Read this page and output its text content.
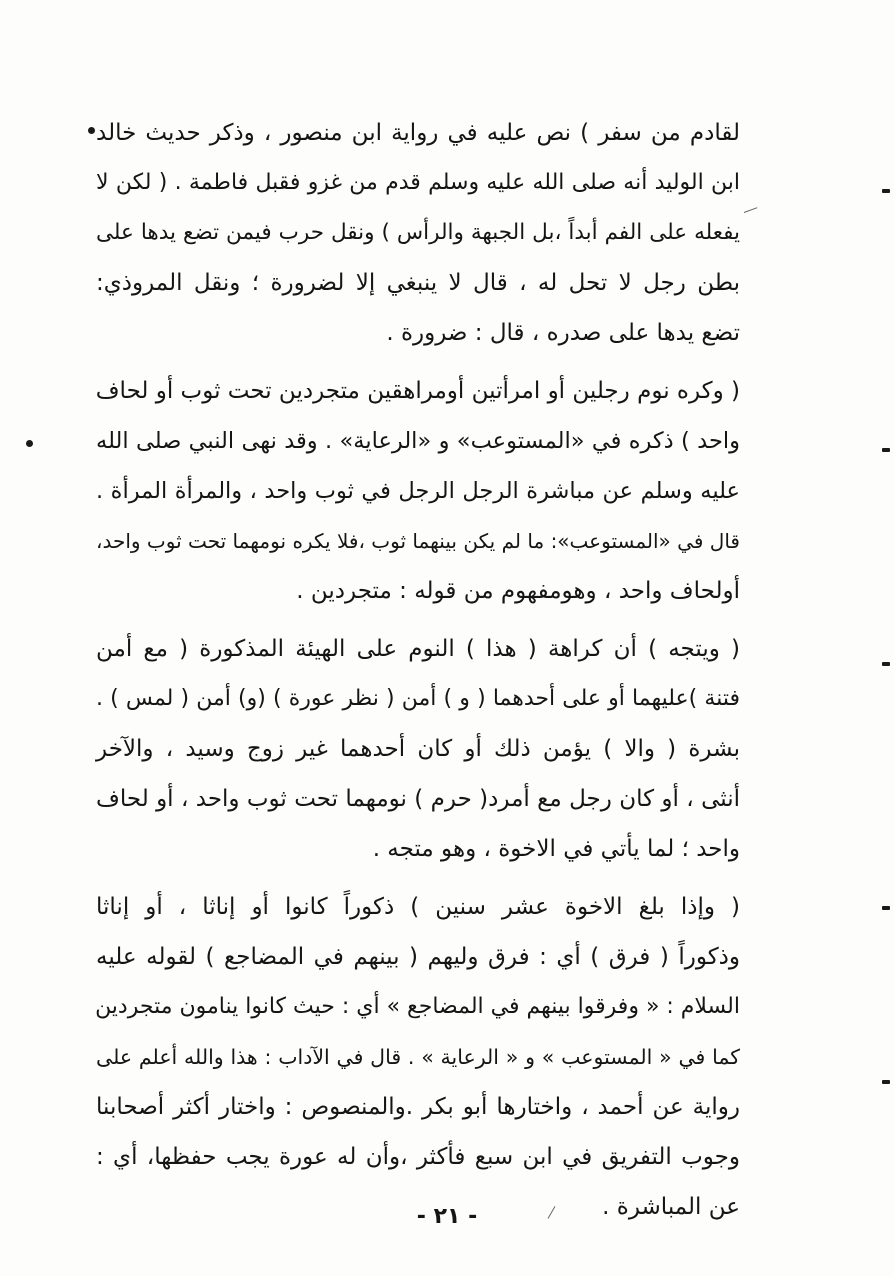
لقادم من سفر ) نص عليه في رواية ابن منصور ، وذكر حديث خالد
ابن الوليد أنه صلى الله عليه وسلم قدم من غزو فقبل فاطمة . ( لكن لا
يفعله على الفم أبداً ،بل الجبهة والرأس ) ونقل حرب فيمن تضع يدها على
بطن رجل لا تحل له ، قال لا ينبغي إلا لضرورة ؛ ونقل المروذي:
تضع يدها على صدره ، قال : ضرورة .
( وكره نوم رجلين أو امرأتين أومراهقين متجردين تحت ثوب أو لحاف
واحد ) ذكره في «المستوعب» و «الرعاية» . وقد نهى النبي صلى الله
عليه وسلم عن مباشرة الرجل الرجل في ثوب واحد ، والمرأة المرأة .
قال في «المستوعب»: ما لم يكن بينهما ثوب ،فلا يكره نومهما تحت ثوب واحد،
أولحاف واحد ، وهومفهوم من قوله : متجردين .
( ويتجه ) أن كراهة ( هذا ) النوم على الهيئة المذكورة ( مع أمن
فتنة )عليهما أو على أحدهما ( و ) أمن ( نظر عورة ) (و) أمن ( لمس ) .
بشرة ( والا ) يؤمن ذلك أو كان أحدهما غير زوج وسيد ، والآخر
أنثى ، أو كان رجل مع أمرد( حرم ) نومهما تحت ثوب واحد ، أو لحاف
واحد ؛ لما يأتي في الاخوة ، وهو متجه .
( وإذا بلغ الاخوة عشر سنين ) ذكوراً كانوا أو إناثا ، أو إناثا
وذكوراً ( فرق ) أي : فرق وليهم ( بينهم في المضاجع ) لقوله عليه
السلام : « وفرقوا بينهم في المضاجع » أي : حيث كانوا ينامون متجردين
كما في « المستوعب » و « الرعاية » . قال في الآداب : هذا والله أعلم على
رواية عن أحمد ، واختارها أبو بكر .والمنصوص : واختار أكثر أصحابنا
وجوب التفريق في ابن سبع فأكثر ،وأن له عورة يجب حفظها، أي :
عن المباشرة .
- ٢١ -
